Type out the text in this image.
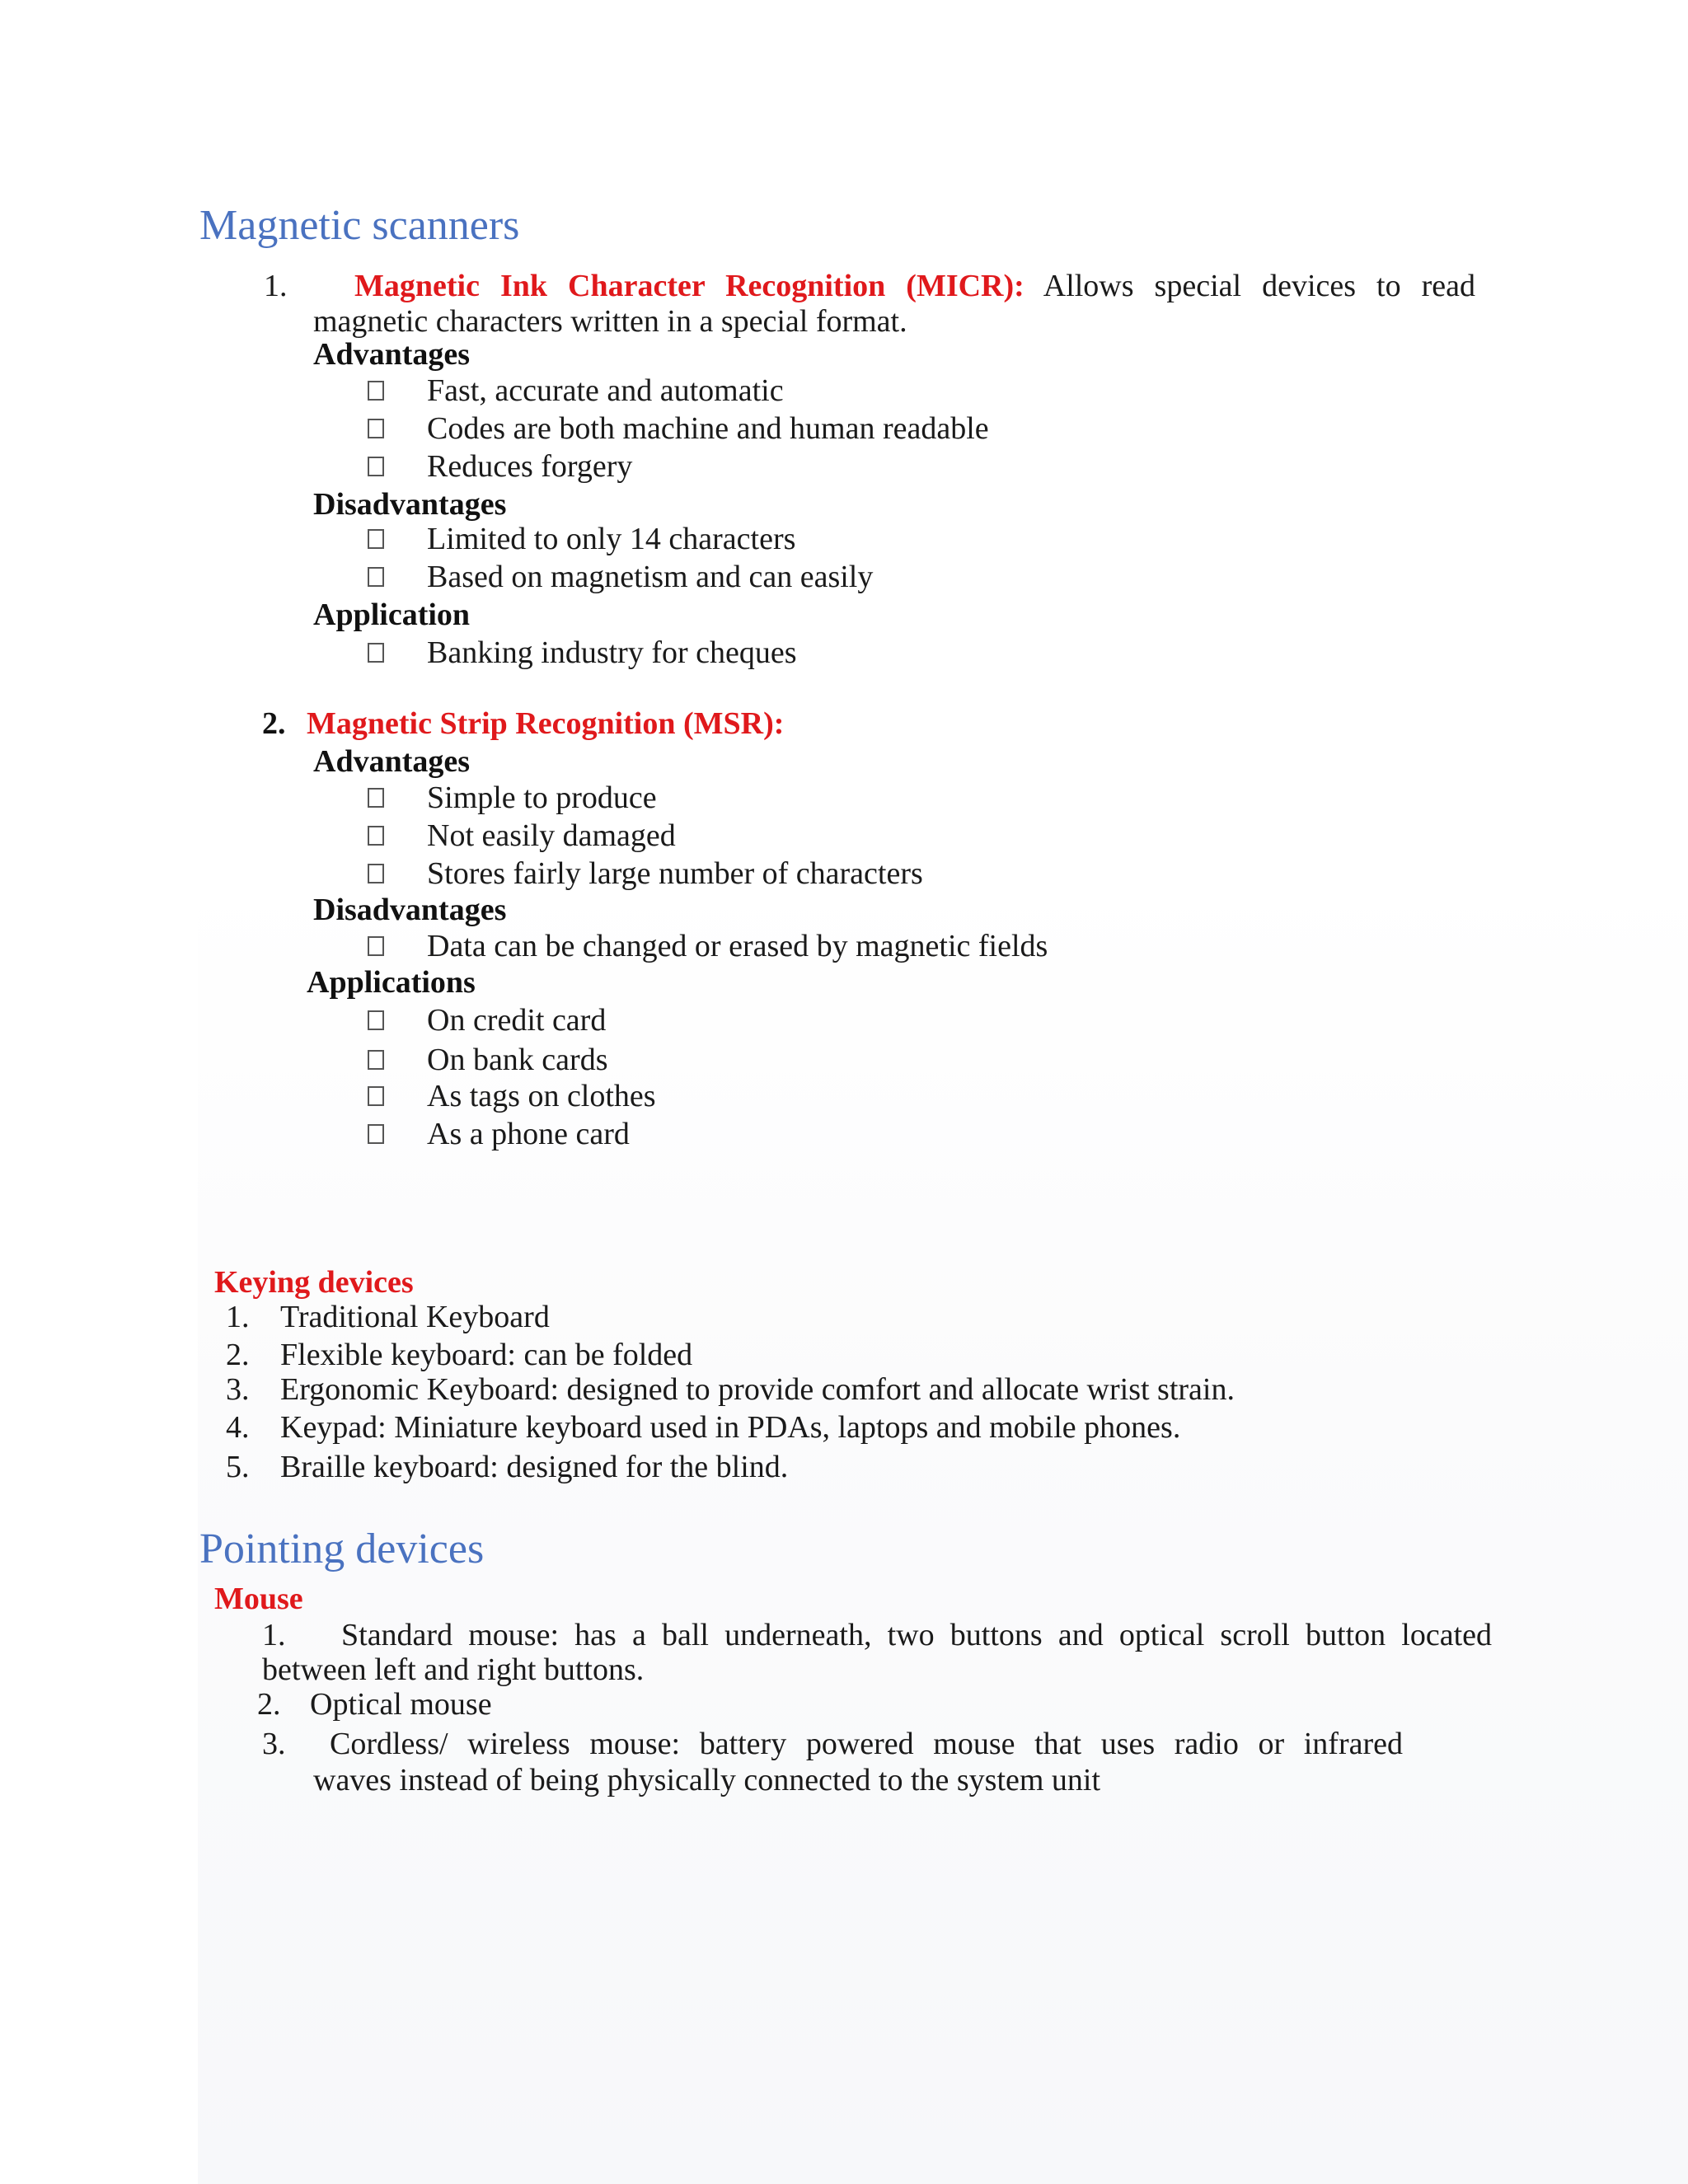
Magnetic scanners
1. Magnetic Ink Character Recognition (MICR): Allows special devices to read
magnetic characters written in a special format.
Advantages
Fast, accurate and automatic
Codes are both machine and human readable
Reduces forgery
Disadvantages
Limited to only 14 characters
Based on magnetism and can easily
Application
Banking industry for cheques
2. Magnetic Strip Recognition (MSR):
Advantages
Simple to produce
Not easily damaged
Stores fairly large number of characters
Disadvantages
Data can be changed or erased by magnetic fields
Applications
On credit card
On bank cards
As tags on clothes
As a phone card
Keying devices
1. Traditional Keyboard
2. Flexible keyboard: can be folded
3. Ergonomic Keyboard: designed to provide comfort and allocate wrist strain.
4. Keypad: Miniature keyboard used in PDAs, laptops and mobile phones.
5. Braille keyboard: designed for the blind.
Pointing devices
Mouse
1. Standard mouse: has a ball underneath, two buttons and optical scroll button located
between left and right buttons.
2. Optical mouse
3. Cordless/ wireless mouse: battery powered mouse that uses radio or infrared
waves instead of being physically connected to the system unit
